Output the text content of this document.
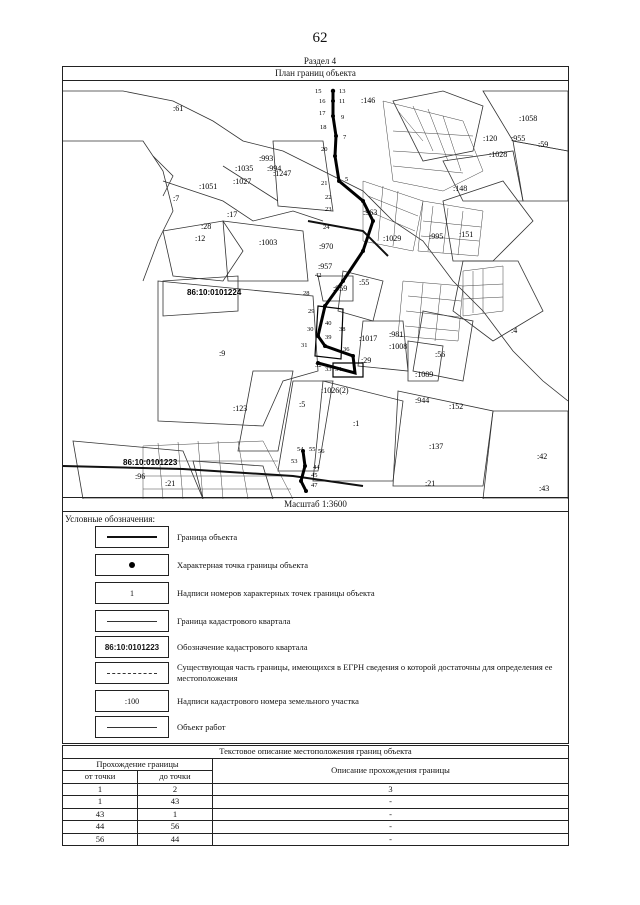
62
Раздел 4
План границ объекта
15	13
16 11
17
9
18
7
20
5
21
22
23
24
42
28
29
30
31
32
33 34
36
38
39
40
54 55 56
53
44
45
47
:61
:146
:59
:1247
:1035
:1027
:1051
:7
:17
:28
:12	:1003
86:10:0101224
:9
:123	:5
:1
:137
:4
:42
:43
:21
:21
:96
86:10:0101223
:29
:959
:55
:957
:970
:1029	:995 :151
:1089
:944
:152
:1026(2)
:993
:994
:1058
:955
:1028
:1017 :981
:1008
:56
:120
:148
:963
Масштаб 1:3600
Условные обозначения:
Граница объекта
Характерная точка границы объекта
1	Надписи номеров характерных точек границы объекта
Граница кадастрового квартала
86:10:0101223	Обозначение кадастрового квартала
Существующая часть границы, имеющихся в ЕГРН сведения о которой достаточны для определения ее местоположения
:100	Надписи кадастрового номера земельного участка
Объект работ
Текстовое описание местоположения границ объекта		
Прохождение границы		Описание прохождения границы
от точки	до точки	
1	2	3
1	43	-
43	1	-
44	56	-
56	44	-
